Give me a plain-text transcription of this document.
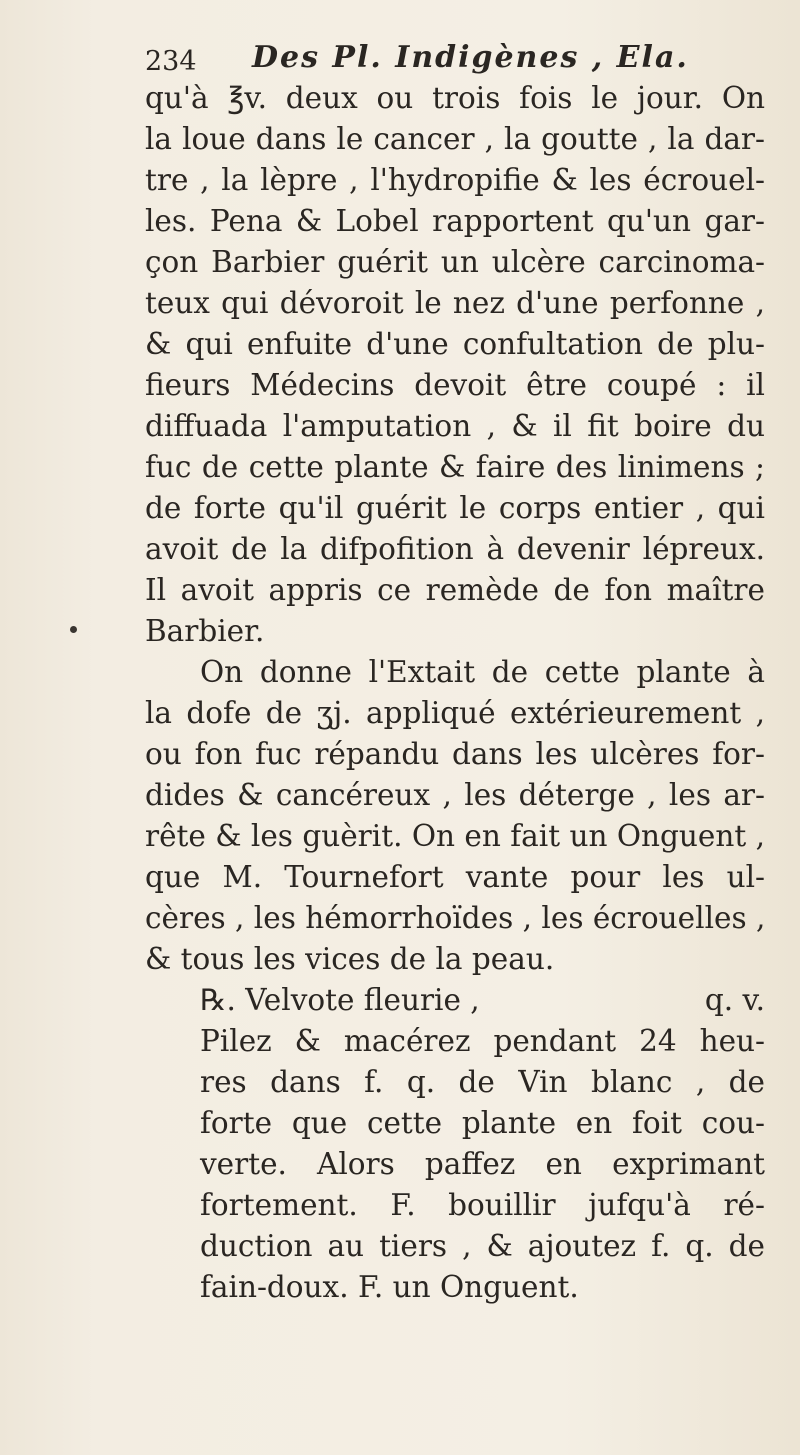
234 Des Pl. Indigènes , Ela.
qu'à ℥v. deux ou trois fois le jour. On
la loue dans le cancer , la goutte , la dar-
tre , la lèpre , l'hydropifie & les écrouel-
les. Pena & Lobel rapportent qu'un gar-
çon Barbier guérit un ulcère carcinoma-
teux qui dévoroit le nez d'une perfonne ,
& qui enfuite d'une confultation de plu-
fieurs Médecins devoit être coupé : il
diffuada l'amputation , & il fit boire du
fuc de cette plante & faire des linimens ;
de forte qu'il guérit le corps entier , qui
avoit de la difpofition à devenir lépreux.
Il avoit appris ce remède de fon maître
Barbier.
On donne l'Extait de cette plante à
la dofe de ʒj. appliqué extérieurement ,
ou fon fuc répandu dans les ulcères for-
dides & cancéreux , les déterge , les ar-
rête & les guèrit. On en fait un Onguent ,
que M. Tournefort vante pour les ul-
cères , les hémorrhoïdes , les écrouelles ,
& tous les vices de la peau.
℞. Velvote fleurie ,	q. v.
Pilez & macérez pendant 24 heu-
res dans f. q. de Vin blanc , de
forte que cette plante en foit cou-
verte. Alors paffez en exprimant
fortement. F. bouillir jufqu'à ré-
duction au tiers , & ajoutez f. q. de
fain-doux. F. un Onguent.
